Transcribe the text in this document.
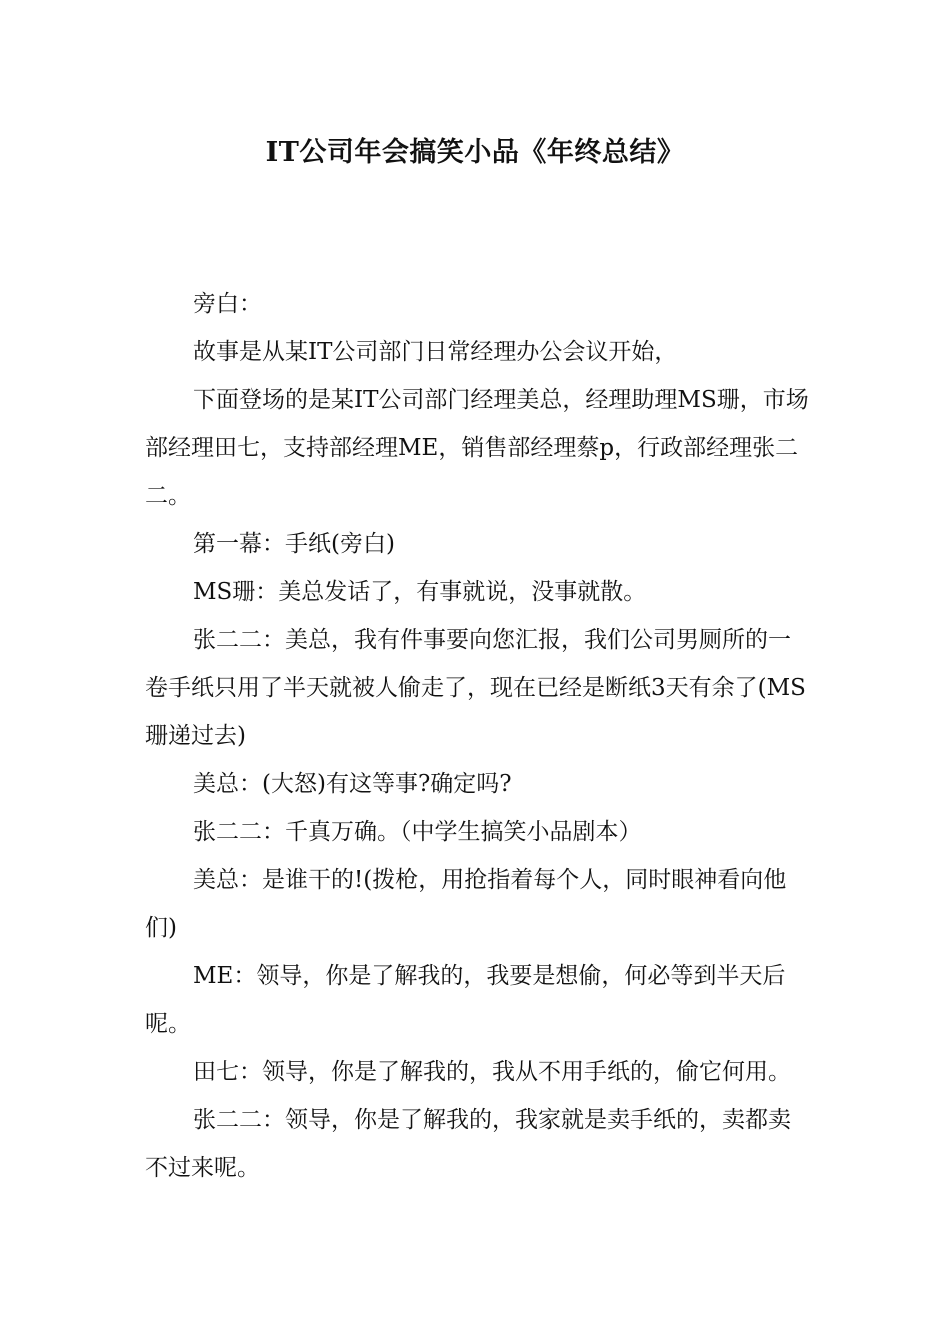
IT公司年会搞笑小品《年终总结》

旁白：

故事是从某IT公司部门日常经理办公会议开始，

下面登场的是某IT公司部门经理美总，经理助理MS珊，市场部经理田七，支持部经理ME，销售部经理蔡p，行政部经理张二二。

第一幕：手纸(旁白)

MS珊：美总发话了，有事就说，没事就散。

张二二：美总，我有件事要向您汇报，我们公司男厕所的一卷手纸只用了半天就被人偷走了，现在已经是断纸3天有余了(MS珊递过去)

美总：(大怒)有这等事?确定吗?

张二二：千真万确。（中学生搞笑小品剧本）

美总：是谁干的!(拨枪，用抢指着每个人，同时眼神看向他们)

ME：领导，你是了解我的，我要是想偷，何必等到半天后呢。

田七：领导，你是了解我的，我从不用手纸的，偷它何用。

张二二：领导，你是了解我的，我家就是卖手纸的，卖都卖不过来呢。
